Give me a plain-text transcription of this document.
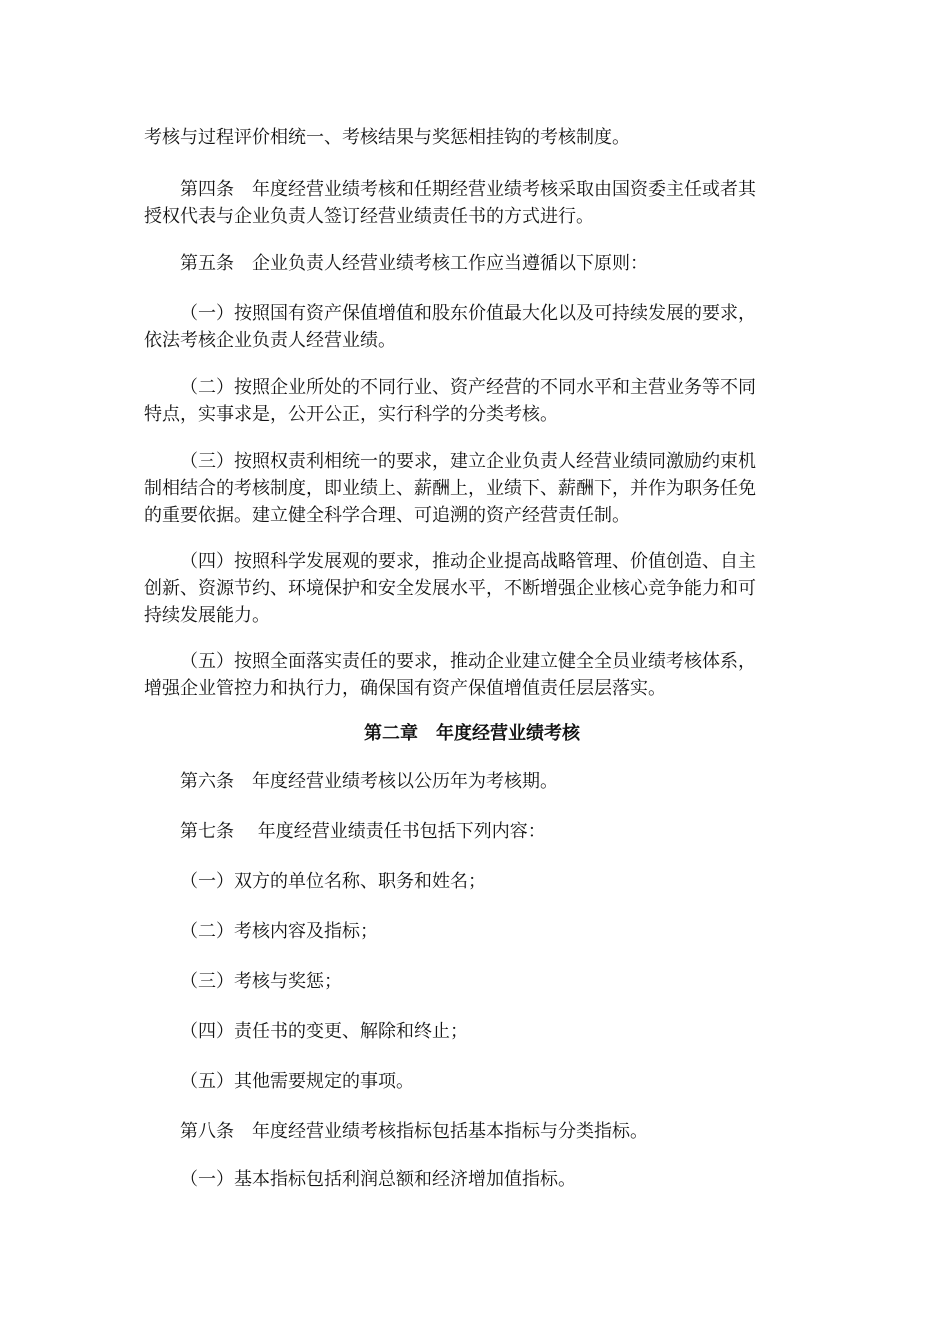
考核与过程评价相统一、考核结果与奖惩相挂钩的考核制度。
第四条　年度经营业绩考核和任期经营业绩考核采取由国资委主任或者其
授权代表与企业负责人签订经营业绩责任书的方式进行。
第五条　企业负责人经营业绩考核工作应当遵循以下原则：
（一）按照国有资产保值增值和股东价值最大化以及可持续发展的要求，
依法考核企业负责人经营业绩。
（二）按照企业所处的不同行业、资产经营的不同水平和主营业务等不同
特点，实事求是，公开公正，实行科学的分类考核。
（三）按照权责利相统一的要求，建立企业负责人经营业绩同激励约束机
制相结合的考核制度，即业绩上、薪酬上，业绩下、薪酬下，并作为职务任免
的重要依据。建立健全科学合理、可追溯的资产经营责任制。
（四）按照科学发展观的要求，推动企业提高战略管理、价值创造、自主
创新、资源节约、环境保护和安全发展水平，不断增强企业核心竞争能力和可
持续发展能力。
（五）按照全面落实责任的要求，推动企业建立健全全员业绩考核体系，
增强企业管控力和执行力，确保国有资产保值增值责任层层落实。
第二章　年度经营业绩考核
第六条　年度经营业绩考核以公历年为考核期。
第七条　 年度经营业绩责任书包括下列内容：
（一）双方的单位名称、职务和姓名；
（二）考核内容及指标；
（三）考核与奖惩；
（四）责任书的变更、解除和终止；
（五）其他需要规定的事项。
第八条　年度经营业绩考核指标包括基本指标与分类指标。
（一）基本指标包括利润总额和经济增加值指标。
